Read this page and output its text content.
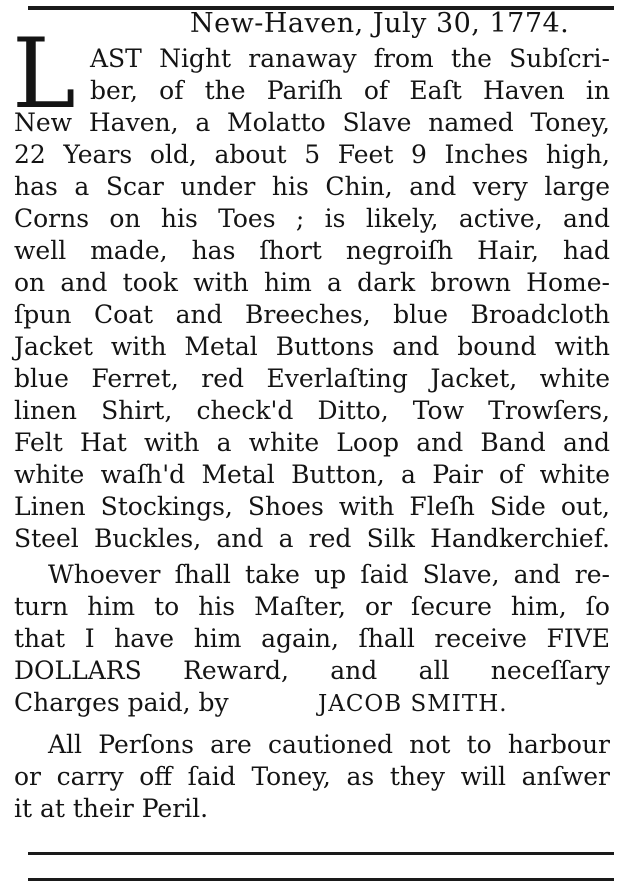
New-Haven, July 30, 1774.
L AST Night ranaway from the Subſcri-
ber, of the Pariſh of Eaſt Haven in
New Haven, a Molatto Slave named Toney,
22 Years old, about 5 Feet 9 Inches high,
has a Scar under his Chin, and very large
Corns on his Toes ; is likely, active, and
well made, has ſhort negroiſh Hair, had
on and took with him a dark brown Home-
ſpun Coat and Breeches, blue Broadcloth
Jacket with Metal Buttons and bound with
blue Ferret, red Everlaſting Jacket, white
linen Shirt, check'd Ditto, Tow Trowſers,
Felt Hat with a white Loop and Band and
white waſh'd Metal Button, a Pair of white
Linen Stockings, Shoes with Fleſh Side out,
Steel Buckles, and a red Silk Handkerchief.
Whoever ſhall take up ſaid Slave, and re-
turn him to his Maſter, or ſecure him, ſo
that I have him again, ſhall receive FIVE
DOLLARS Reward, and all neceſſary
Charges paid, by	JACOB SMITH.
All Perſons are cautioned not to harbour
or carry off ſaid Toney, as they will anſwer
it at their Peril.
